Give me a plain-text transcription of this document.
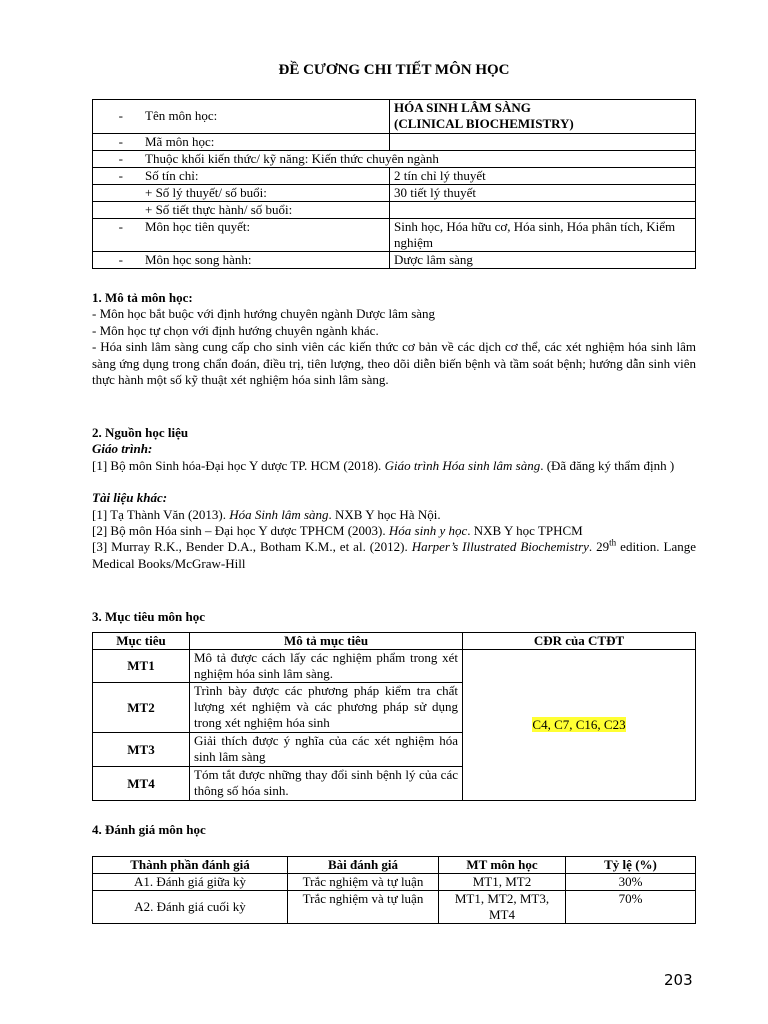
ĐỀ CƯƠNG CHI TIẾT MÔN HỌC
- Tên môn học:	HÓA SINH LÂM SÀNG
(CLINICAL BIOCHEMISTRY)

- Mã môn học:	
- Thuộc khối kiến thức/ kỹ năng: Kiến thức chuyên ngành	
- Số tín chỉ:	2 tín chỉ lý thuyết
+ Số lý thuyết/ số buổi:	30 tiết lý thuyết
+ Số tiết thực hành/ số buổi:	
- Môn học tiên quyết:	Sinh học, Hóa hữu cơ, Hóa sinh, Hóa phân tích, Kiểm nghiệm
- Môn học song hành:	Dược lâm sàng
1. Mô tả môn học:
- Môn học bắt buộc với định hướng chuyên ngành Dược lâm sàng
- Môn học tự chọn với định hướng chuyên ngành khác.
- Hóa sinh lâm sàng cung cấp cho sinh viên các kiến thức cơ bản về các dịch cơ thể, các xét nghiệm hóa sinh lâm sàng ứng dụng trong chẩn đoán, điều trị, tiên lượng, theo dõi diễn biến bệnh và tầm soát bệnh; hướng dẫn sinh viên thực hành một số kỹ thuật xét nghiệm hóa sinh lâm sàng.
2. Nguồn học liệu
Giáo trình:
[1] Bộ môn Sinh hóa-Đại học Y dược TP. HCM (2018). Giáo trình Hóa sinh lâm sàng. (Đã đăng ký thẩm định )
Tài liệu khác:
[1] Tạ Thành Văn (2013). Hóa Sinh lâm sàng. NXB Y học Hà Nội.
[2] Bộ môn Hóa sinh – Đại học Y dược TPHCM (2003). Hóa sinh y học. NXB Y học TPHCM
[3] Murray R.K., Bender D.A., Botham K.M., et al. (2012). Harper’s Illustrated Biochemistry. 29th edition. Lange Medical Books/McGraw-Hill
3. Mục tiêu môn học
Mục tiêu	Mô tả mục tiêu	CĐR của CTĐT
MT1	Mô tả được cách lấy các nghiệm phẩm trong xét nghiệm hóa sinh lâm sàng.	C4, C7, C16, C23
MT2	Trình bày được các phương pháp kiểm tra chất lượng xét nghiệm và các phương pháp sử dụng trong xét nghiệm hóa sinh	
MT3	Giải thích được ý nghĩa của các xét nghiệm hóa sinh lâm sàng	
MT4	Tóm tắt được những thay đổi sinh bệnh lý của các thông số hóa sinh.	
4. Đánh giá môn học
Thành phần đánh giá	Bài đánh giá	MT môn học	Tỷ lệ (%)
A1. Đánh giá giữa kỳ	Trắc nghiệm và tự luận	MT1, MT2	30%
A2. Đánh giá cuối kỳ	Trắc nghiệm và tự luận	MT1, MT2, MT3, MT4	70%
203
